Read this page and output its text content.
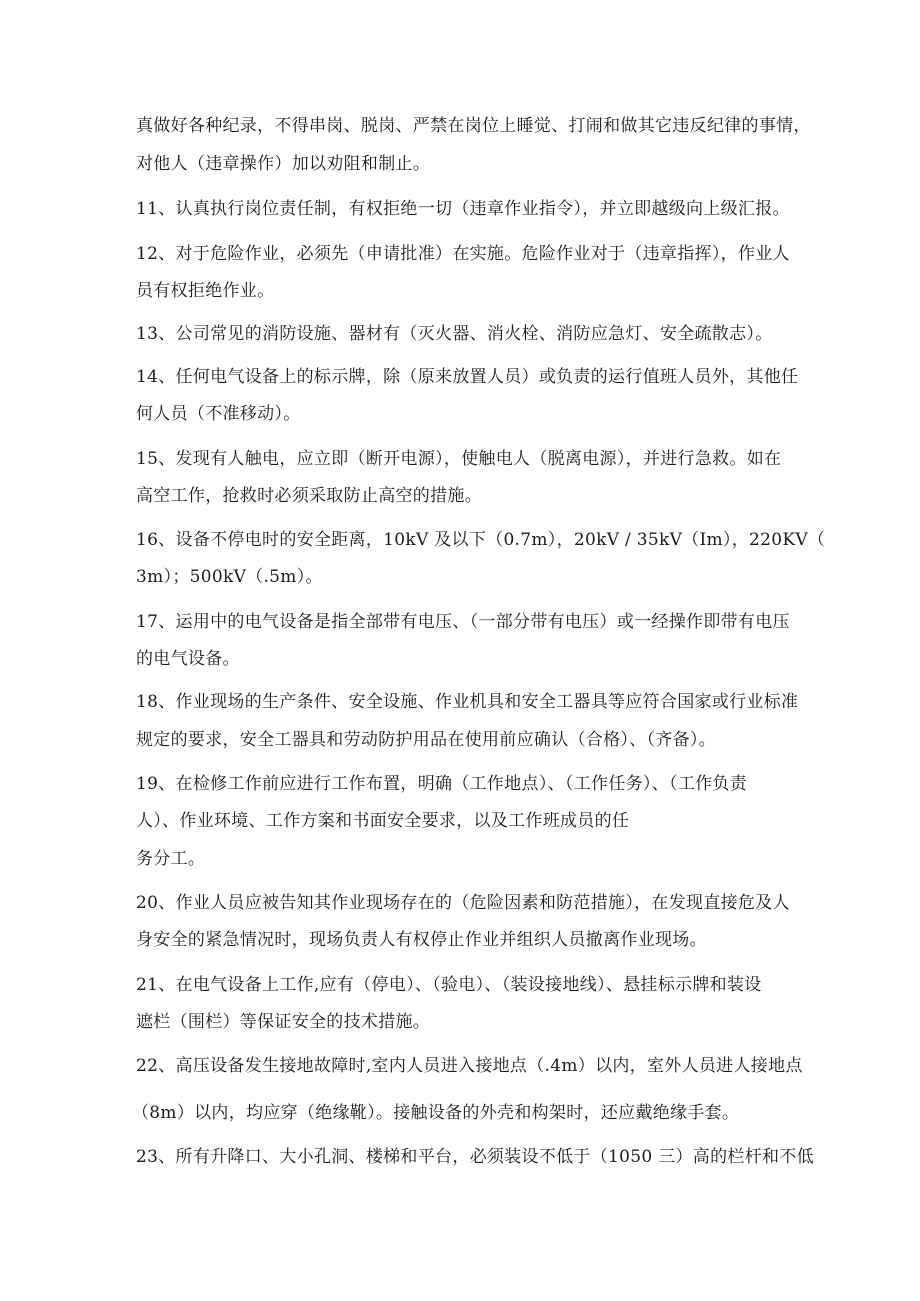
真做好各种纪录，不得串岗、脱岗、严禁在岗位上睡觉、打闹和做其它违反纪律的事情，
对他人（违章操作）加以劝阻和制止。
11、认真执行岗位责任制，有权拒绝一切（违章作业指令），并立即越级向上级汇报。
12、对于危险作业，必须先（申请批准）在实施。危险作业对于（违章指挥），作业人
员有权拒绝作业。
13、公司常见的消防设施、器材有（灭火器、消火栓、消防应急灯、安全疏散志）。
14、任何电气设备上的标示牌，除（原来放置人员）或负责的运行值班人员外，其他任
何人员（不准移动）。
15、发现有人触电，应立即（断开电源），使触电人（脱离电源），并进行急救。如在
高空工作，抢救时必须采取防止高空的措施。
16、设备不停电时的安全距离，10kV 及以下（0.7m），20kV / 35kV（Im），220KV（
3m）；500kV（.5m）。
17、运用中的电气设备是指全部带有电压、（一部分带有电压）或一经操作即带有电压
的电气设备。
18、作业现场的生产条件、安全设施、作业机具和安全工器具等应符合国家或行业标准
规定的要求，安全工器具和劳动防护用品在使用前应确认（合格）、（齐备）。
19、在检修工作前应进行工作布置，明确（工作地点）、（工作任务）、（工作负责
人）、作业环境、工作方案和书面安全要求，以及工作班成员的任
务分工。
20、作业人员应被告知其作业现场存在的（危险因素和防范措施），在发现直接危及人
身安全的紧急情况时，现场负责人有权停止作业并组织人员撤离作业现场。
21、在电气设备上工作,应有（停电）、（验电）、（装设接地线）、悬挂标示牌和装设
遮栏（围栏）等保证安全的技术措施。
22、高压设备发生接地故障时,室内人员进入接地点（.4m）以内，室外人员进人接地点
（8m）以内，均应穿（绝缘靴）。接触设备的外壳和构架时，还应戴绝缘手套。
23、所有升降口、大小孔洞、楼梯和平台，必须装设不低于（1050 三）高的栏杆和不低
